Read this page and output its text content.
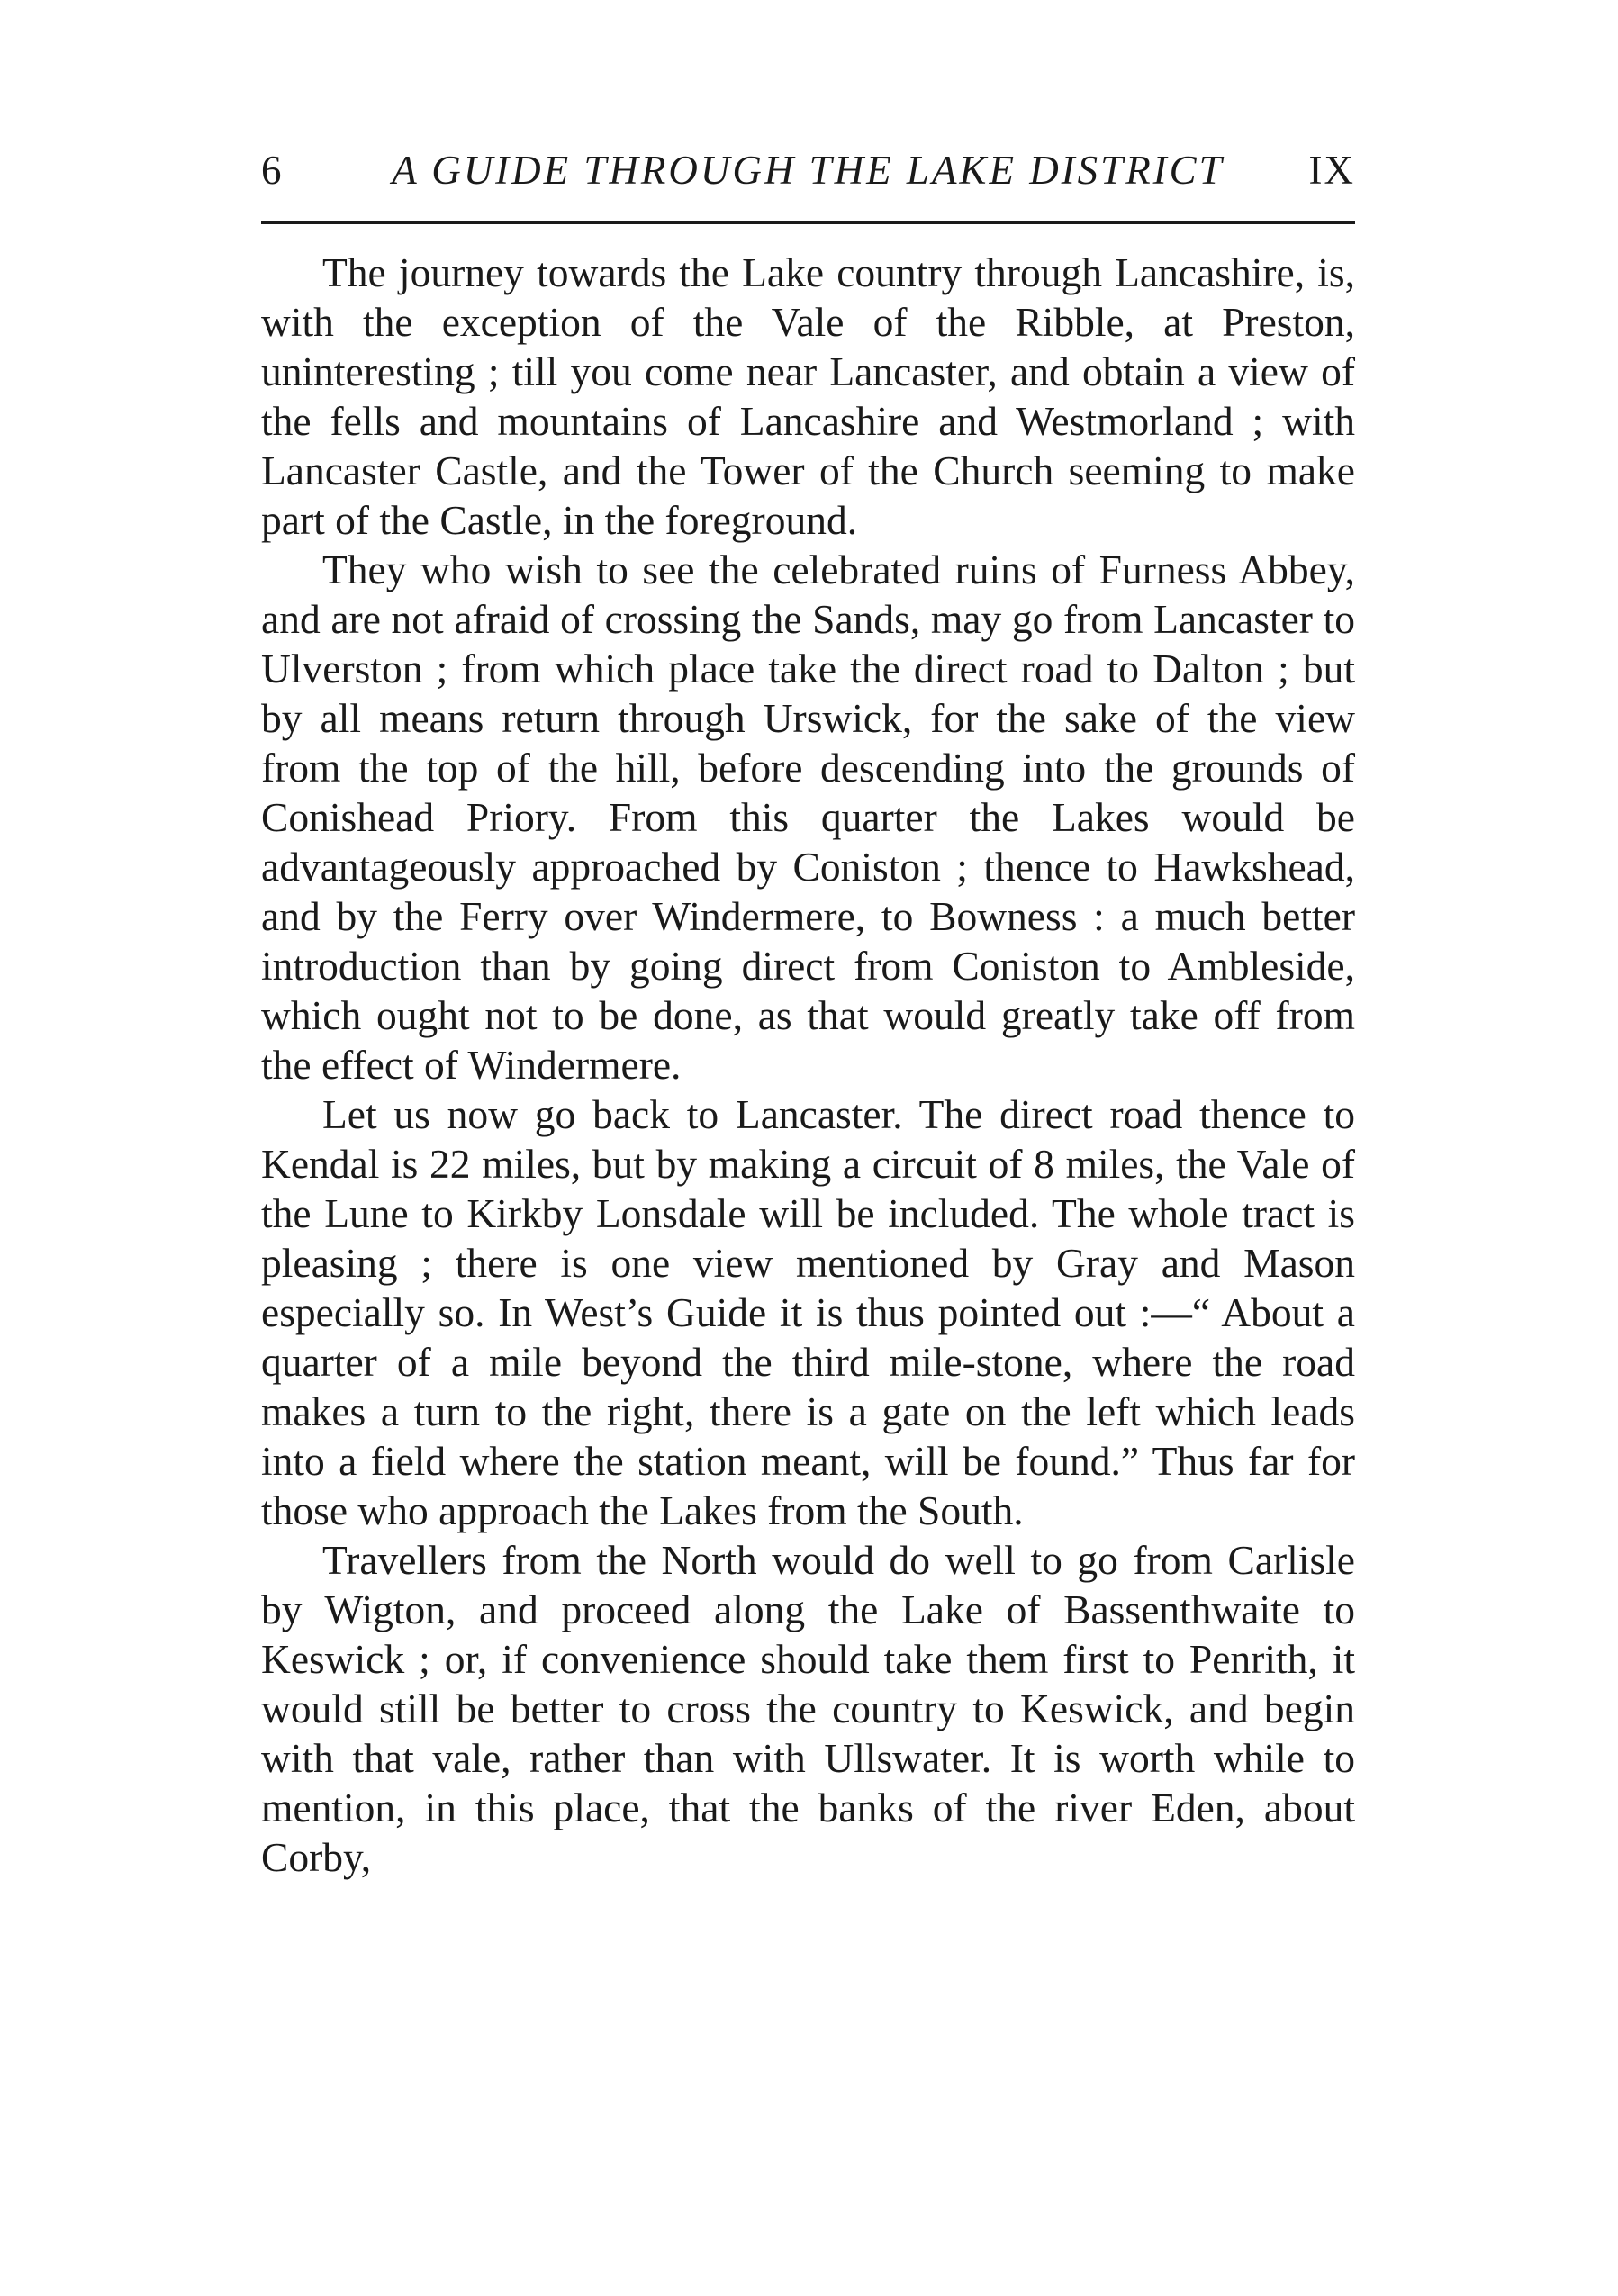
6	A GUIDE THROUGH THE LAKE DISTRICT	IX

The journey towards the Lake country through Lancashire, is, with the exception of the Vale of the Ribble, at Preston, uninteresting ; till you come near Lancaster, and obtain a view of the fells and mountains of Lancashire and Westmorland ; with Lancaster Castle, and the Tower of the Church seeming to make part of the Castle, in the foreground.

They who wish to see the celebrated ruins of Furness Abbey, and are not afraid of crossing the Sands, may go from Lancaster to Ulverston ; from which place take the direct road to Dalton ; but by all means return through Urswick, for the sake of the view from the top of the hill, before descending into the grounds of Conishead Priory. From this quarter the Lakes would be advantageously approached by Coniston ; thence to Hawkshead, and by the Ferry over Windermere, to Bowness : a much better introduction than by going direct from Coniston to Ambleside, which ought not to be done, as that would greatly take off from the effect of Windermere.

Let us now go back to Lancaster. The direct road thence to Kendal is 22 miles, but by making a circuit of 8 miles, the Vale of the Lune to Kirkby Lonsdale will be included. The whole tract is pleasing ; there is one view mentioned by Gray and Mason especially so. In West’s Guide it is thus pointed out :—“ About a quarter of a mile beyond the third mile-stone, where the road makes a turn to the right, there is a gate on the left which leads into a field where the station meant, will be found.” Thus far for those who approach the Lakes from the South.

Travellers from the North would do well to go from Carlisle by Wigton, and proceed along the Lake of Bassenthwaite to Keswick ; or, if convenience should take them first to Penrith, it would still be better to cross the country to Keswick, and begin with that vale, rather than with Ullswater. It is worth while to mention, in this place, that the banks of the river Eden, about Corby,
